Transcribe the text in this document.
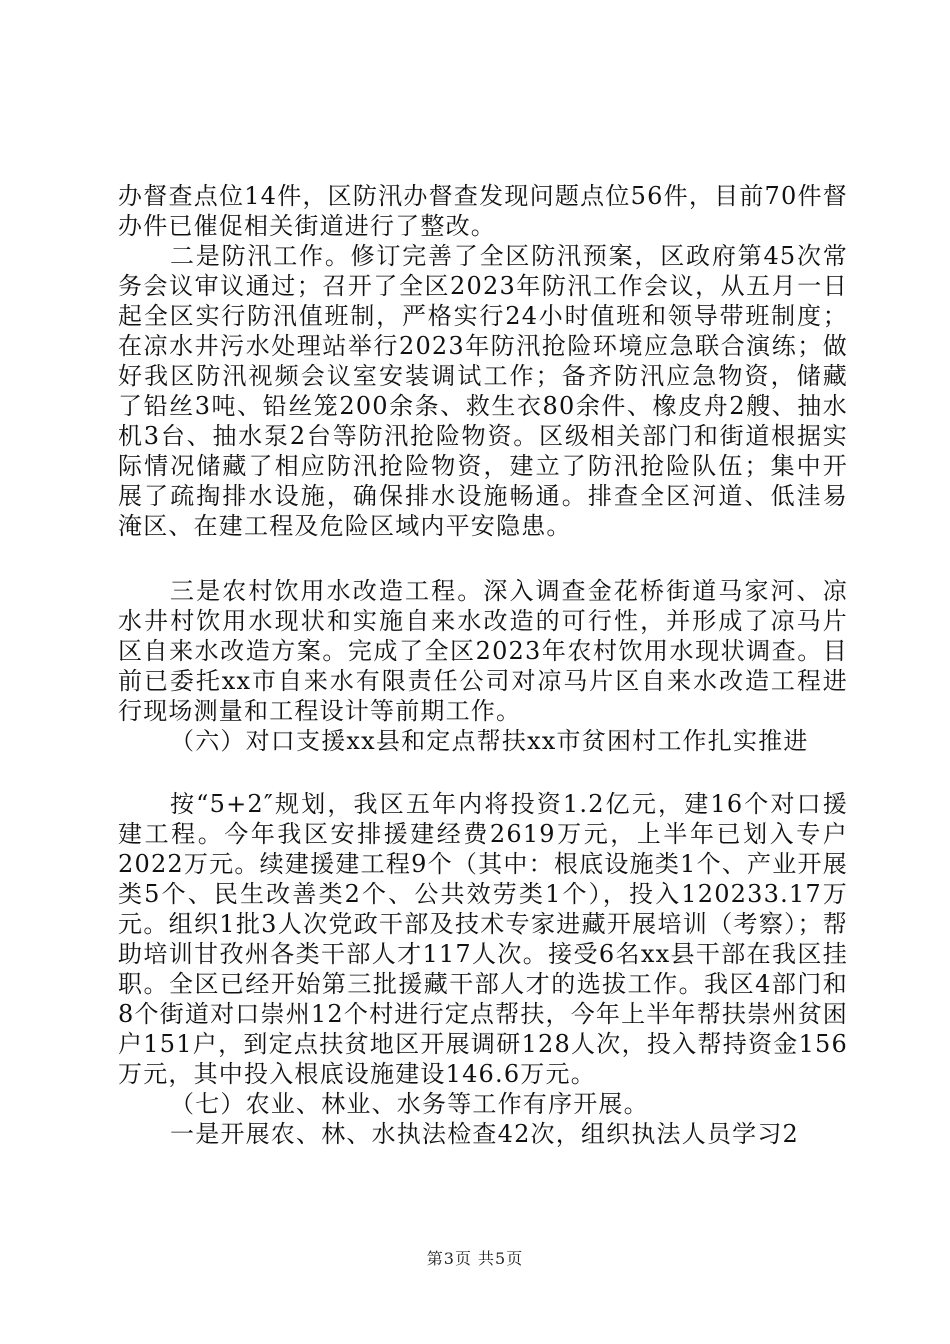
办督查点位14件，区防汛办督查发现问题点位56件，目前70件督办件已催促相关街道进行了整改。

二是防汛工作。修订完善了全区防汛预案，区政府第45次常务会议审议通过；召开了全区2023年防汛工作会议，从五月一日起全区实行防汛值班制，严格实行24小时值班和领导带班制度；在凉水井污水处理站举行2023年防汛抢险环境应急联合演练；做好我区防汛视频会议室安装调试工作；备齐防汛应急物资，储藏了铅丝3吨、铅丝笼200余条、救生衣80余件、橡皮舟2艘、抽水机3台、抽水泵2台等防汛抢险物资。区级相关部门和街道根据实际情况储藏了相应防汛抢险物资，建立了防汛抢险队伍；集中开展了疏掏排水设施，确保排水设施畅通。排查全区河道、低洼易淹区、在建工程及危险区域内平安隐患。

三是农村饮用水改造工程。深入调查金花桥街道马家河、凉水井村饮用水现状和实施自来水改造的可行性，并形成了凉马片区自来水改造方案。完成了全区2023年农村饮用水现状调查。目前已委托xx市自来水有限责任公司对凉马片区自来水改造工程进行现场测量和工程设计等前期工作。

（六）对口支援xx县和定点帮扶xx市贫困村工作扎实推进

按“5+2″规划，我区五年内将投资1.2亿元，建16个对口援建工程。今年我区安排援建经费2619万元，上半年已划入专户2022万元。续建援建工程9个（其中：根底设施类1个、产业开展类5个、民生改善类2个、公共效劳类1个），投入120233.17万元。组织1批3人次党政干部及技术专家进藏开展培训（考察）；帮助培训甘孜州各类干部人才117人次。接受6名xx县干部在我区挂职。全区已经开始第三批援藏干部人才的选拔工作。我区4部门和8个街道对口崇州12个村进行定点帮扶，今年上半年帮扶崇州贫困户151户，到定点扶贫地区开展调研128人次，投入帮持资金156万元，其中投入根底设施建设146.6万元。

（七）农业、林业、水务等工作有序开展。

一是开展农、林、水执法检查42次，组织执法人员学习2

第3页 共5页
